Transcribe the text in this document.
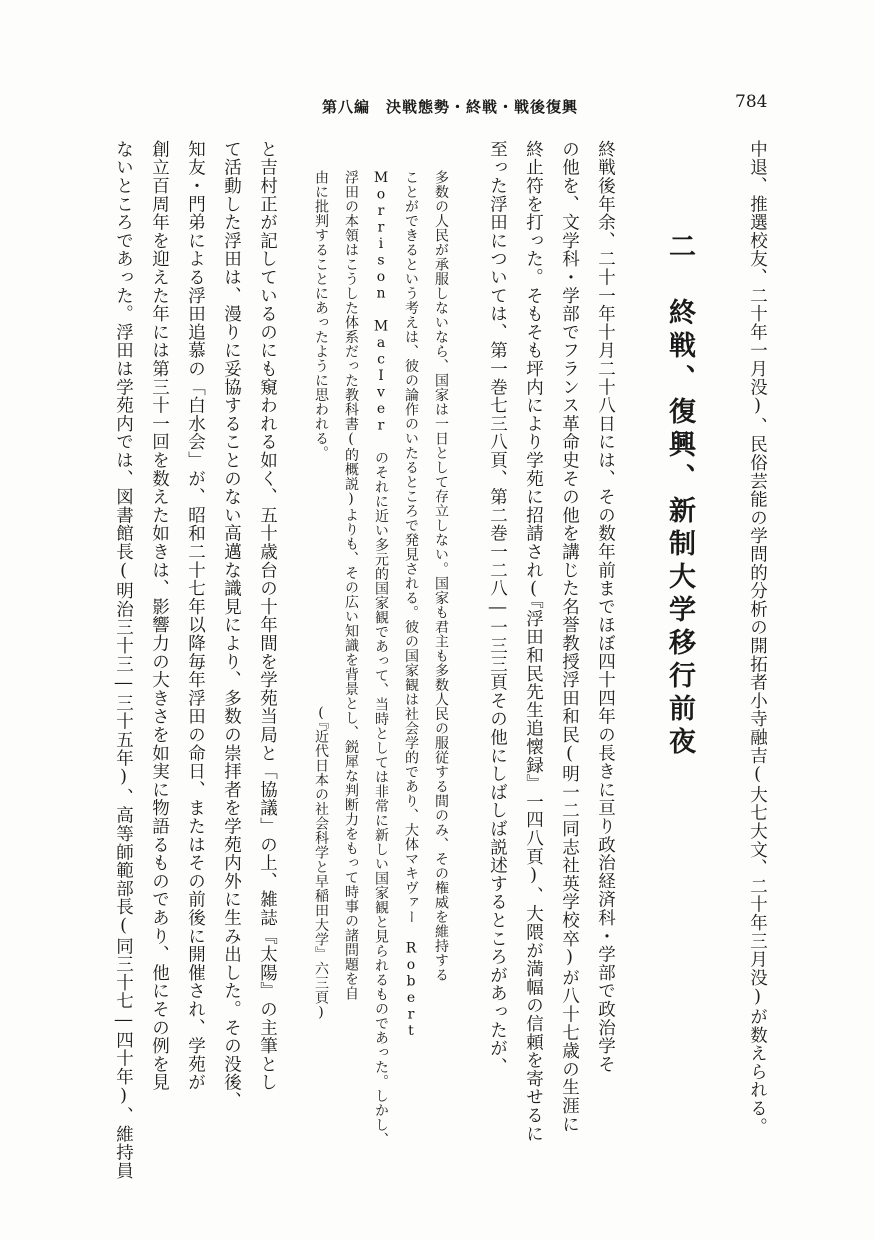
第八編　決戦態勢・終戦・戦後復興	784
中退、推選校友、二十年一月没)、民俗芸能の学問的分析の開拓者小寺融吉(大七大文、二十年三月没)が数えられる。
二　終戦、復興、新制大学移行前夜
終戦後年余、二十一年十月二十八日には、その数年前までほぼ四十四年の長きに亘り政治経済科・学部で政治学そ
の他を、文学科・学部でフランス革命史その他を講じた名誉教授浮田和民(明一二同志社英学校卒)が八十七歳の生涯に
終止符を打った。そもそも坪内により学苑に招請され(『浮田和民先生追懐録』一四八頁)、大隈が満幅の信頼を寄せるに
至った浮田については、第一巻七三八頁、第二巻一二八―一三三頁その他にしばしば説述するところがあったが、
多数の人民が承服しないなら、国家は一日として存立しない。国家も君主も多数人民の服従する間のみ、その権威を維持する
ことができるという考えは、彼の論作のいたるところで発見される。彼の国家観は社会学的であり、大体マキヴァー Robert
Morrison MacIver のそれに近い多元的国家観であって、当時としては非常に新しい国家観と見られるものであった。しかし、
浮田の本領はこうした体系だった教科書(的概説)よりも、その広い知識を背景とし、鋭犀な判断力をもって時事の諸問題を自
由に批判することにあったように思われる。
(『近代日本の社会科学と早稲田大学』六三頁)
と吉村正が記しているのにも窺われる如く、五十歳台の十年間を学苑当局と「協議」の上、雑誌『太陽』の主筆とし
て活動した浮田は、漫りに妥協することのない高邁な識見により、多数の崇拝者を学苑内外に生み出した。その没後、
知友・門弟による浮田追慕の「白水会」が、昭和二十七年以降毎年浮田の命日、またはその前後に開催され、学苑が
創立百周年を迎えた年には第三十一回を数えた如きは、影響力の大きさを如実に物語るものであり、他にその例を見
ないところであった。浮田は学苑内では、図書館長(明治三十三―三十五年)、高等師範部長(同三十七―四十年)、維持員
